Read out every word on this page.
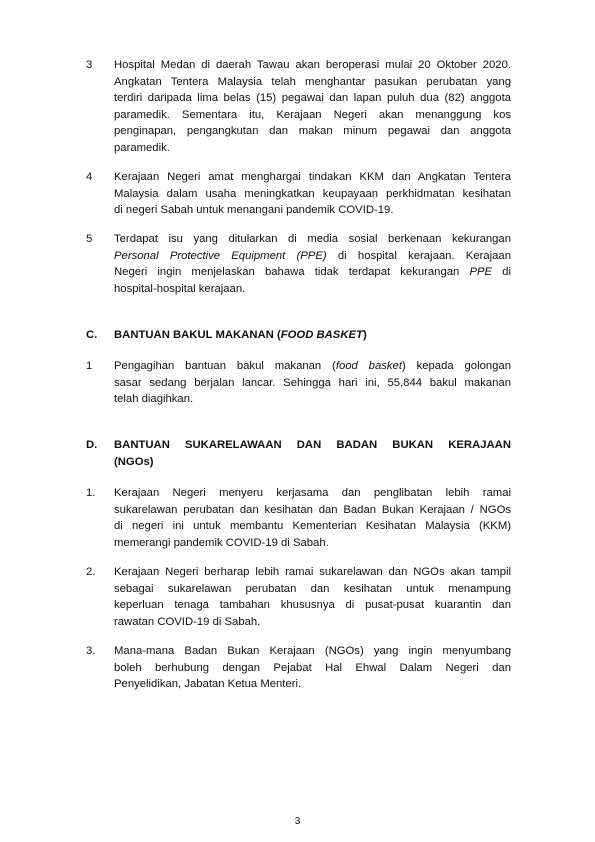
3 Hospital Medan di daerah Tawau akan beroperasi mulai 20 Oktober 2020.
Angkatan Tentera Malaysia telah menghantar pasukan perubatan yang
terdiri daripada lima belas (15) pegawai dan lapan puluh dua (82) anggota
paramedik. Sementara itu, Kerajaan Negeri akan menanggung kos
penginapan, pengangkutan dan makan minum pegawai dan anggota
paramedik.
4 Kerajaan Negeri amat menghargai tindakan KKM dan Angkatan Tentera
Malaysia dalam usaha meningkatkan keupayaan perkhidmatan kesihatan
di negeri Sabah untuk menangani pandemik COVID-19.
5 Terdapat isu yang ditularkan di media sosial berkenaan kekurangan
Personal Protective Equipment (PPE) di hospital kerajaan. Kerajaan
Negeri ingin menjelaskan bahawa tidak terdapat kekurangan PPE di
hospital-hospital kerajaan.
C. BANTUAN BAKUL MAKANAN (FOOD BASKET)
1 Pengagihan bantuan bakul makanan (food basket) kepada golongan
sasar sedang berjalan lancar. Sehingga hari ini, 55,844 bakul makanan
telah diagihkan.
D. BANTUAN SUKARELAWAAN DAN BADAN BUKAN KERAJAAN
(NGOs)
1. Kerajaan Negeri menyeru kerjasama dan penglibatan lebih ramai
sukarelawan perubatan dan kesihatan dan Badan Bukan Kerajaan / NGOs
di negeri ini untuk membantu Kementerian Kesihatan Malaysia (KKM)
memerangi pandemik COVID-19 di Sabah.
2. Kerajaan Negeri berharap lebih ramai sukarelawan dan NGOs akan tampil
sebagai sukarelawan perubatan dan kesihatan untuk menampung
keperluan tenaga tambahan khususnya di pusat-pusat kuarantin dan
rawatan COVID-19 di Sabah.
3. Mana-mana Badan Bukan Kerajaan (NGOs) yang ingin menyumbang
boleh berhubung dengan Pejabat Hal Ehwal Dalam Negeri dan
Penyelidikan, Jabatan Ketua Menteri.
3
